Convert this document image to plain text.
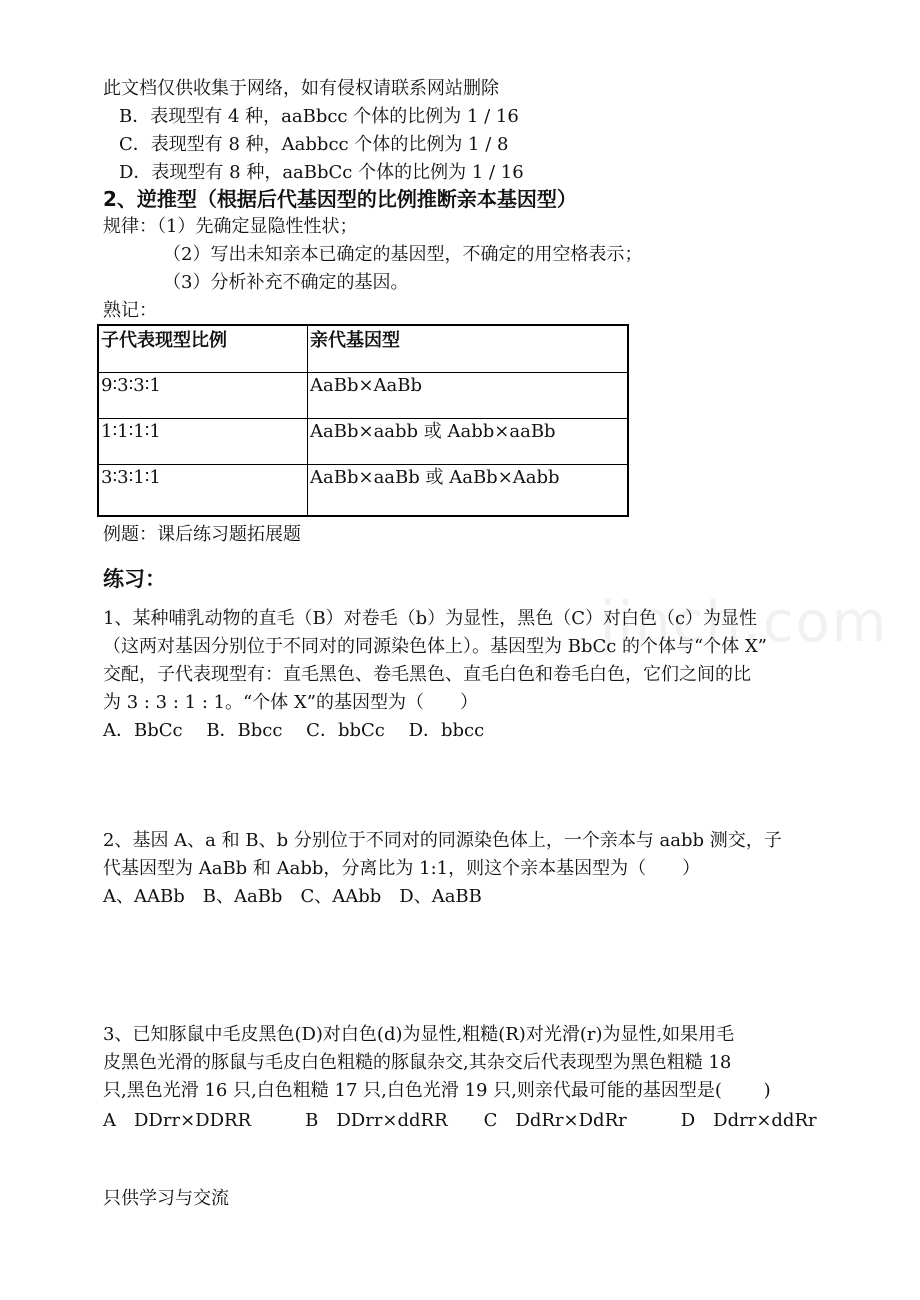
jinch.com
此文档仅供收集于网络，如有侵权请联系网站删除
B．表现型有 4 种，aaBbcc 个体的比例为 1 / 16
C．表现型有 8 种，Aabbcc 个体的比例为 1 / 8
D．表现型有 8 种，aaBbCc 个体的比例为 1 / 16
2、逆推型（根据后代基因型的比例推断亲本基因型）
规律：（1）先确定显隐性性状；
（2）写出未知亲本已确定的基因型，不确定的用空格表示；
（3）分析补充不确定的基因。
熟记：
子代表现型比例	亲代基因型
9∶3∶3∶1	AaBb×AaBb
1∶1∶1∶1	AaBb×aabb 或 Aabb×aaBb
3∶3∶1∶1	AaBb×aaBb 或 AaBb×Aabb
例题：课后练习题拓展题
练习：
1、某种哺乳动物的直毛（B）对卷毛（b）为显性，黑色（C）对白色（c）为显性
（这两对基因分别位于不同对的同源染色体上）。基因型为 BbCc 的个体与“个体 X”
交配，子代表现型有：直毛黑色、卷毛黑色、直毛白色和卷毛白色，它们之间的比
为 3 : 3 : 1 : 1。“个体 X”的基因型为（　　）
A．BbCc　 B．Bbcc　 C．bbCc　 D．bbcc
2、基因 A、a 和 B、b 分别位于不同对的同源染色体上，一个亲本与 aabb 测交，子
代基因型为 AaBb 和 Aabb，分离比为 1:1，则这个亲本基因型为（　　）
A、AABb　B、AaBb　C、AAbb　D、AaBB
3、已知豚鼠中毛皮黑色(D)对白色(d)为显性,粗糙(R)对光滑(r)为显性,如果用毛
皮黑色光滑的豚鼠与毛皮白色粗糙的豚鼠杂交,其杂交后代表现型为黑色粗糙 18
只,黑色光滑 16 只,白色粗糙 17 只,白色光滑 19 只,则亲代最可能的基因型是(　　 )
A　DDrr×DDRR　　　B　DDrr×ddRR　　C　DdRr×DdRr　　　D　Ddrr×ddRr
只供学习与交流
